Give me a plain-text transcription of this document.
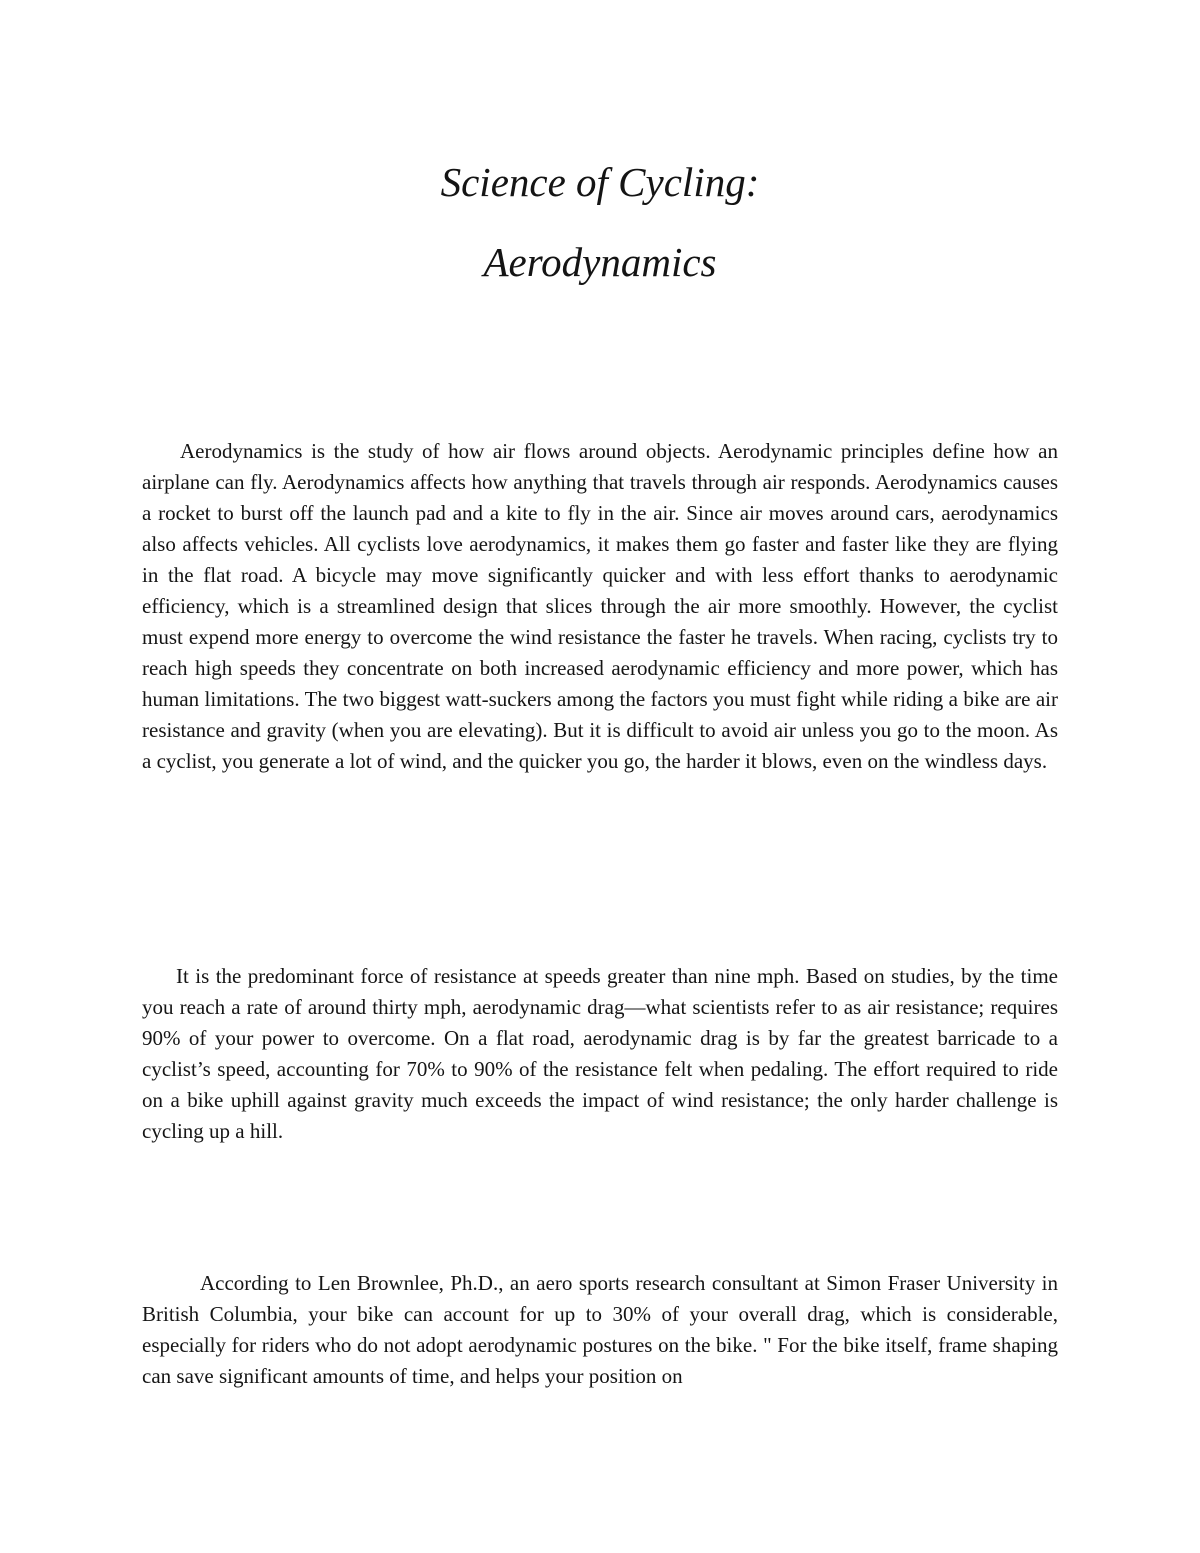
Science of Cycling:
Aerodynamics

Aerodynamics is the study of how air flows around objects. Aerodynamic principles define how an airplane can fly. Aerodynamics affects how anything that travels through air responds. Aerodynamics causes a rocket to burst off the launch pad and a kite to fly in the air. Since air moves around cars, aerodynamics also affects vehicles. All cyclists love aerodynamics, it makes them go faster and faster like they are flying in the flat road. A bicycle may move significantly quicker and with less effort thanks to aerodynamic efficiency, which is a streamlined design that slices through the air more smoothly. However, the cyclist must expend more energy to overcome the wind resistance the faster he travels. When racing, cyclists try to reach high speeds they concentrate on both increased aerodynamic efficiency and more power, which has human limitations. The two biggest watt-suckers among the factors you must fight while riding a bike are air resistance and gravity (when you are elevating). But it is difficult to avoid air unless you go to the moon. As a cyclist, you generate a lot of wind, and the quicker you go, the harder it blows, even on the windless days.

It is the predominant force of resistance at speeds greater than nine mph. Based on studies, by the time you reach a rate of around thirty mph, aerodynamic drag—what scientists refer to as air resistance; requires 90% of your power to overcome. On a flat road, aerodynamic drag is by far the greatest barricade to a cyclist’s speed, accounting for 70% to 90% of the resistance felt when pedaling. The effort required to ride on a bike uphill against gravity much exceeds the impact of wind resistance; the only harder challenge is cycling up a hill.

According to Len Brownlee, Ph.D., an aero sports research consultant at Simon Fraser University in British Columbia, your bike can account for up to 30% of your overall drag, which is considerable, especially for riders who do not adopt aerodynamic postures on the bike. " For the bike itself, frame shaping can save significant amounts of time, and helps your position on
